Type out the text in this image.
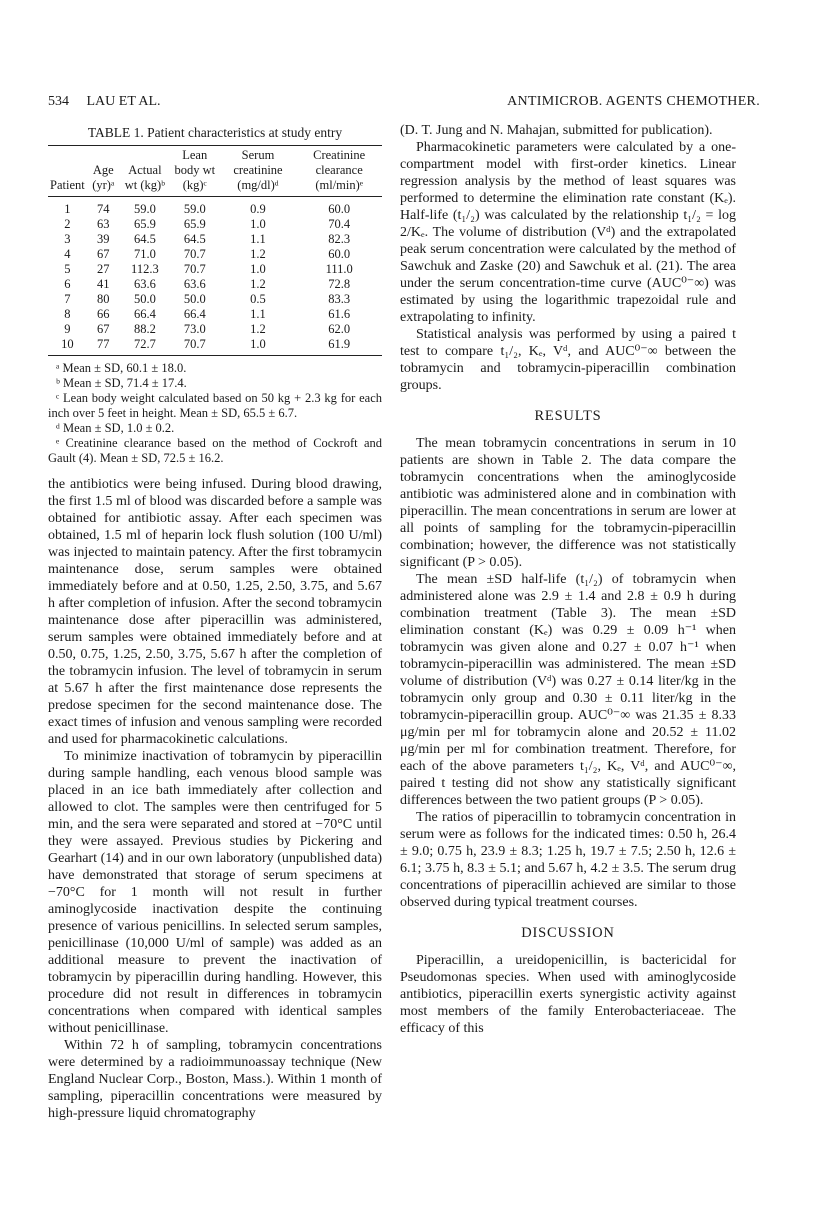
534 LAU ET AL.	ANTIMICROB. AGENTS CHEMOTHER.
TABLE 1. Patient characteristics at study entry
Patient	Age (yr)ᵃ	Actual wt (kg)ᵇ	Lean body wt (kg)ᶜ	Serum creatinine (mg/dl)ᵈ	Creatinine clearance (ml/min)ᵉ
1	74	59.0	59.0	0.9	60.0
2	63	65.9	65.9	1.0	70.4
3	39	64.5	64.5	1.1	82.3
4	67	71.0	70.7	1.2	60.0
5	27	112.3	70.7	1.0	111.0
6	41	63.6	63.6	1.2	72.8
7	80	50.0	50.0	0.5	83.3
8	66	66.4	66.4	1.1	61.6
9	67	88.2	73.0	1.2	62.0
10	77	72.7	70.7	1.0	61.9
ᵃ Mean ± SD, 60.1 ± 18.0.
ᵇ Mean ± SD, 71.4 ± 17.4.
ᶜ Lean body weight calculated based on 50 kg + 2.3 kg for each inch over 5 feet in height. Mean ± SD, 65.5 ± 6.7.
ᵈ Mean ± SD, 1.0 ± 0.2.
ᵉ Creatinine clearance based on the method of Cockroft and Gault (4). Mean ± SD, 72.5 ± 16.2.

the antibiotics were being infused. During blood drawing, the first 1.5 ml of blood was discarded before a sample was obtained for antibiotic assay. After each specimen was obtained, 1.5 ml of heparin lock flush solution (100 U/ml) was injected to maintain patency. After the first tobramycin maintenance dose, serum samples were obtained immediately before and at 0.50, 1.25, 2.50, 3.75, and 5.67 h after completion of infusion. After the second tobramycin maintenance dose after piperacillin was administered, serum samples were obtained immediately before and at 0.50, 0.75, 1.25, 2.50, 3.75, 5.67 h after the completion of the tobramycin infusion. The level of tobramycin in serum at 5.67 h after the first maintenance dose represents the predose specimen for the second maintenance dose. The exact times of infusion and venous sampling were recorded and used for pharmacokinetic calculations.

To minimize inactivation of tobramycin by piperacillin during sample handling, each venous blood sample was placed in an ice bath immediately after collection and allowed to clot. The samples were then centrifuged for 5 min, and the sera were separated and stored at −70°C until they were assayed. Previous studies by Pickering and Gearhart (14) and in our own laboratory (unpublished data) have demonstrated that storage of serum specimens at −70°C for 1 month will not result in further aminoglycoside inactivation despite the continuing presence of various penicillins. In selected serum samples, penicillinase (10,000 U/ml of sample) was added as an additional measure to prevent the inactivation of tobramycin by piperacillin during handling. However, this procedure did not result in differences in tobramycin concentrations when compared with identical samples without penicillinase.

Within 72 h of sampling, tobramycin concentrations were determined by a radioimmunoassay technique (New England Nuclear Corp., Boston, Mass.). Within 1 month of sampling, piperacillin concentrations were measured by high-pressure liquid chromatography

(D. T. Jung and N. Mahajan, submitted for publication).

Pharmacokinetic parameters were calculated by a one-compartment model with first-order kinetics. Linear regression analysis by the method of least squares was performed to determine the elimination rate constant (Kₑ). Half-life (t₁/₂) was calculated by the relationship t₁/₂ = log 2/Kₑ. The volume of distribution (Vᵈ) and the extrapolated peak serum concentration were calculated by the method of Sawchuk and Zaske (20) and Sawchuk et al. (21). The area under the serum concentration-time curve (AUC⁰⁻∞) was estimated by using the logarithmic trapezoidal rule and extrapolating to infinity.

Statistical analysis was performed by using a paired t test to compare t₁/₂, Kₑ, Vᵈ, and AUC⁰⁻∞ between the tobramycin and tobramycin-piperacillin combination groups.

RESULTS

The mean tobramycin concentrations in serum in 10 patients are shown in Table 2. The data compare the tobramycin concentrations when the aminoglycoside antibiotic was administered alone and in combination with piperacillin. The mean concentrations in serum are lower at all points of sampling for the tobramycin-piperacillin combination; however, the difference was not statistically significant (P > 0.05).

The mean ±SD half-life (t₁/₂) of tobramycin when administered alone was 2.9 ± 1.4 and 2.8 ± 0.9 h during combination treatment (Table 3). The mean ±SD elimination constant (Kₑ) was 0.29 ± 0.09 h⁻¹ when tobramycin was given alone and 0.27 ± 0.07 h⁻¹ when tobramycin-piperacillin was administered. The mean ±SD volume of distribution (Vᵈ) was 0.27 ± 0.14 liter/kg in the tobramycin only group and 0.30 ± 0.11 liter/kg in the tobramycin-piperacillin group. AUC⁰⁻∞ was 21.35 ± 8.33 μg/min per ml for tobramycin alone and 20.52 ± 11.02 μg/min per ml for combination treatment. Therefore, for each of the above parameters t₁/₂, Kₑ, Vᵈ, and AUC⁰⁻∞, paired t testing did not show any statistically significant differences between the two patient groups (P > 0.05).

The ratios of piperacillin to tobramycin concentration in serum were as follows for the indicated times: 0.50 h, 26.4 ± 9.0; 0.75 h, 23.9 ± 8.3; 1.25 h, 19.7 ± 7.5; 2.50 h, 12.6 ± 6.1; 3.75 h, 8.3 ± 5.1; and 5.67 h, 4.2 ± 3.5. The serum drug concentrations of piperacillin achieved are similar to those observed during typical treatment courses.

DISCUSSION

Piperacillin, a ureidopenicillin, is bactericidal for Pseudomonas species. When used with aminoglycoside antibiotics, piperacillin exerts synergistic activity against most members of the family Enterobacteriaceae. The efficacy of this
